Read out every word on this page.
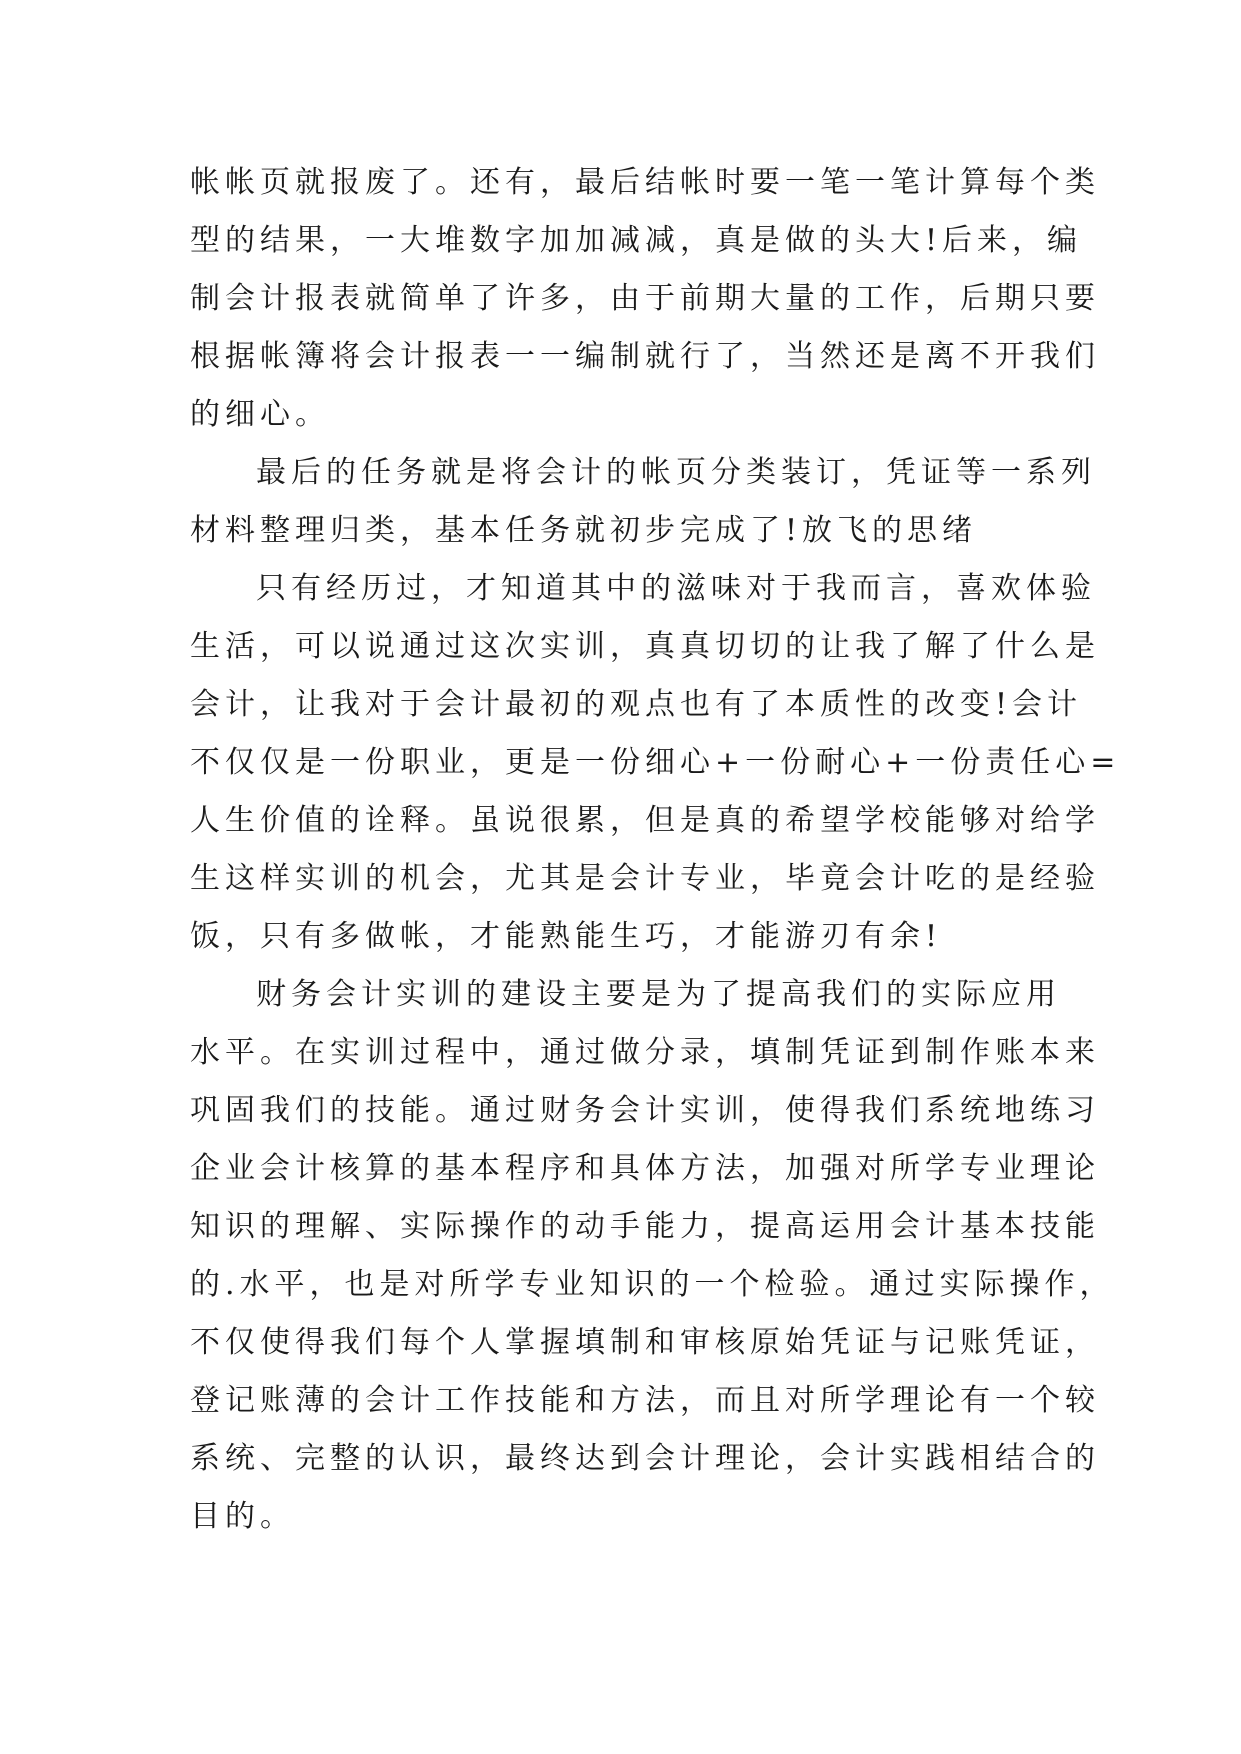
帐帐页就报废了。还有，最后结帐时要一笔一笔计算每个类
型的结果，一大堆数字加加减减，真是做的头大!后来，编
制会计报表就简单了许多，由于前期大量的工作，后期只要
根据帐簿将会计报表一一编制就行了，当然还是离不开我们
的细心。
最后的任务就是将会计的帐页分类装订，凭证等一系列
材料整理归类，基本任务就初步完成了!放飞的思绪
只有经历过，才知道其中的滋味对于我而言，喜欢体验
生活，可以说通过这次实训，真真切切的让我了解了什么是
会计，让我对于会计最初的观点也有了本质性的改变!会计
不仅仅是一份职业，更是一份细心+一份耐心+一份责任心=
人生价值的诠释。虽说很累，但是真的希望学校能够对给学
生这样实训的机会，尤其是会计专业，毕竟会计吃的是经验
饭，只有多做帐，才能熟能生巧，才能游刃有余!
财务会计实训的建设主要是为了提高我们的实际应用
水平。在实训过程中，通过做分录，填制凭证到制作账本来
巩固我们的技能。通过财务会计实训，使得我们系统地练习
企业会计核算的基本程序和具体方法，加强对所学专业理论
知识的理解、实际操作的动手能力，提高运用会计基本技能
的.水平，也是对所学专业知识的一个检验。通过实际操作，
不仅使得我们每个人掌握填制和审核原始凭证与记账凭证，
登记账薄的会计工作技能和方法，而且对所学理论有一个较
系统、完整的认识，最终达到会计理论，会计实践相结合的
目的。
